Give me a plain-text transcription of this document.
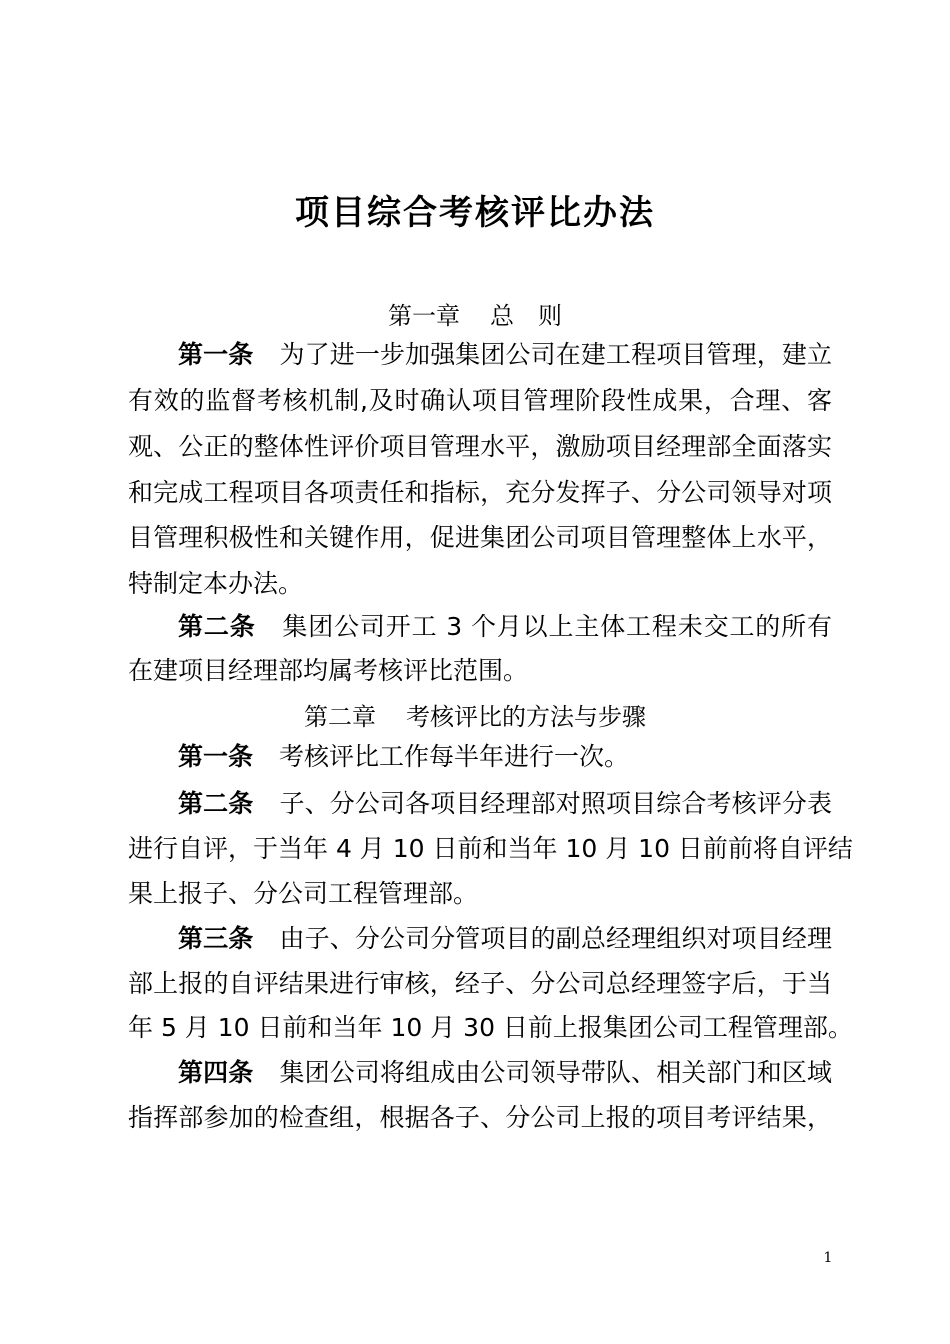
项目综合考核评比办法
第一章 总　则
第一条 为了进一步加强集团公司在建工程项目管理，建立
有效的监督考核机制,及时确认项目管理阶段性成果，合理、客
观、公正的整体性评价项目管理水平，激励项目经理部全面落实
和完成工程项目各项责任和指标，充分发挥子、分公司领导对项
目管理积极性和关键作用，促进集团公司项目管理整体上水平，
特制定本办法。
第二条 集团公司开工 3 个月以上主体工程未交工的所有
在建项目经理部均属考核评比范围。
第二章 考核评比的方法与步骤
第一条 考核评比工作每半年进行一次。
第二条 子、分公司各项目经理部对照项目综合考核评分表
进行自评，于当年 4 月 10 日前和当年 10 月 10 日前前将自评结
果上报子、分公司工程管理部。
第三条 由子、分公司分管项目的副总经理组织对项目经理
部上报的自评结果进行审核，经子、分公司总经理签字后，于当
年 5 月 10 日前和当年 10 月 30 日前上报集团公司工程管理部。
第四条 集团公司将组成由公司领导带队、相关部门和区域
指挥部参加的检查组，根据各子、分公司上报的项目考评结果，
1
